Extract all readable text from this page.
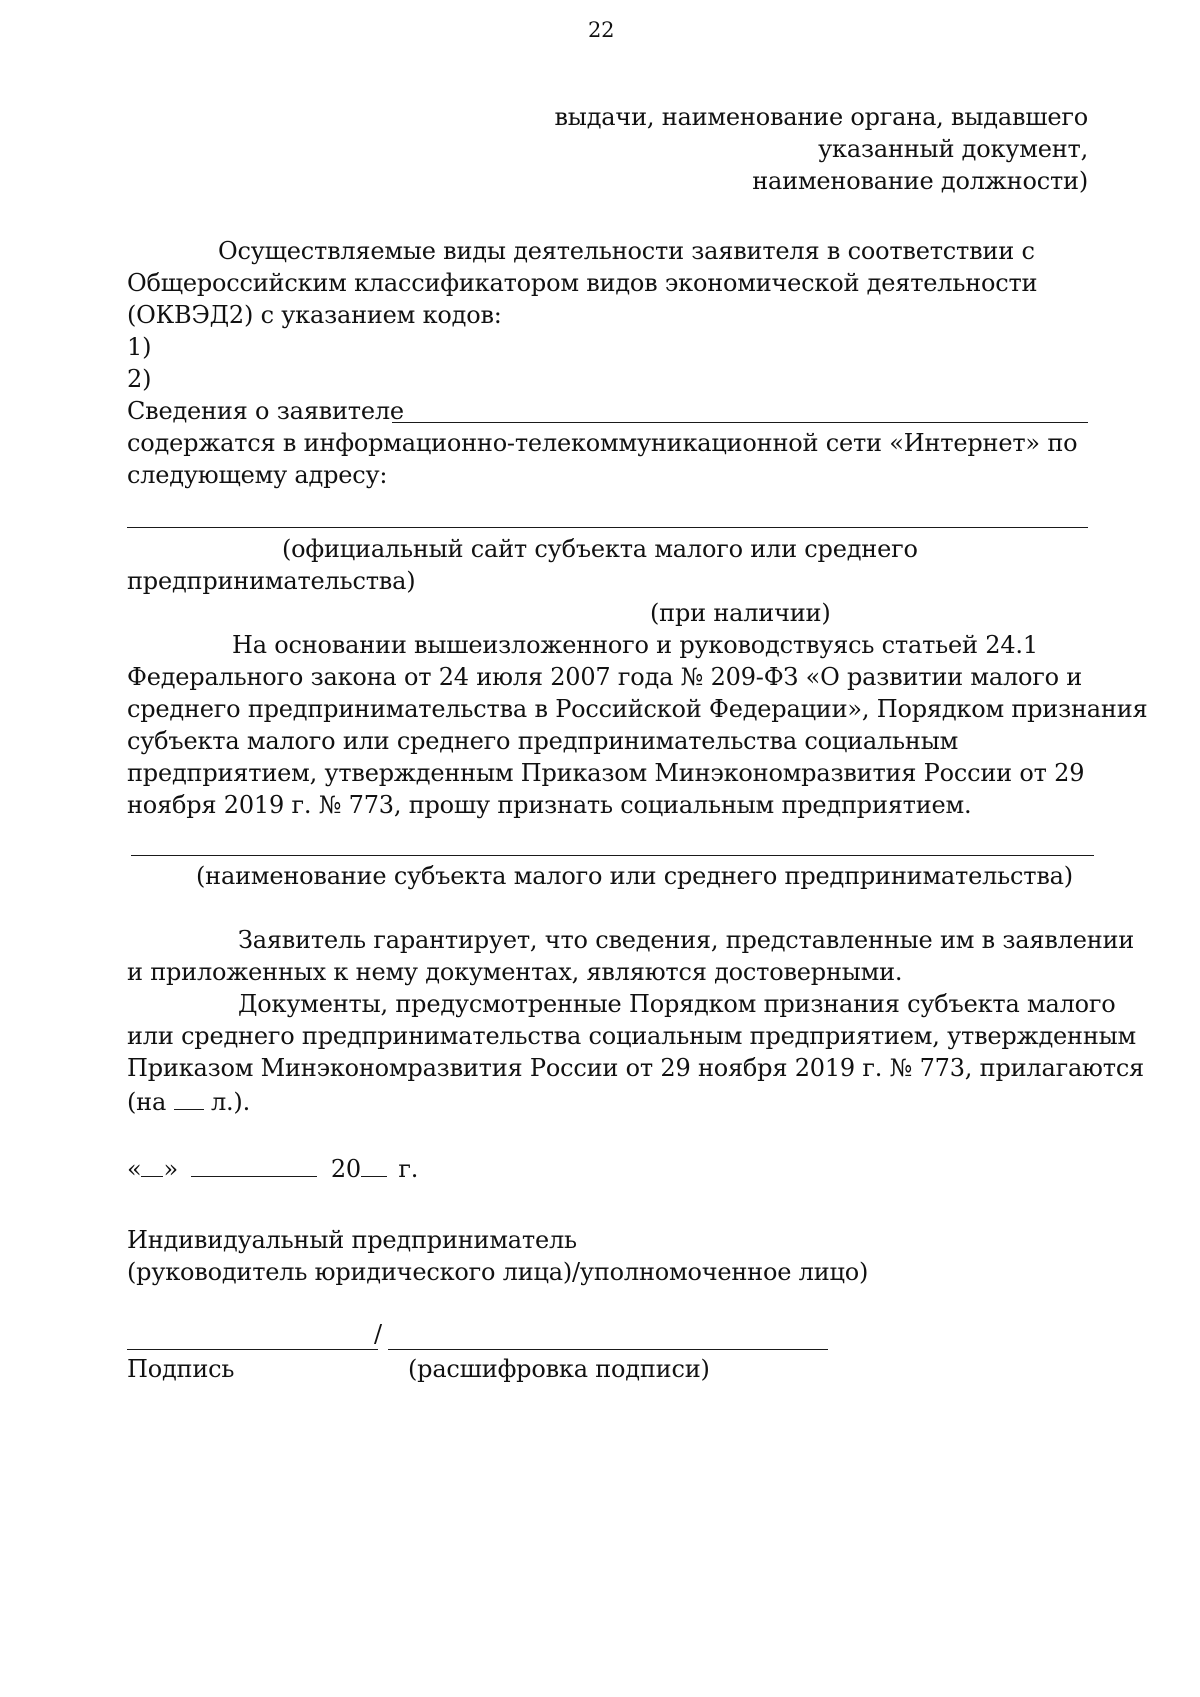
22
выдачи, наименование органа, выдавшего
указанный документ,
наименование должности)
Осуществляемые виды деятельности заявителя в соответствии с
Общероссийским классификатором видов экономической деятельности
(ОКВЭД2) с указанием кодов:
1)
2)
Сведения о заявителе
содержатся в информационно-телекоммуникационной сети «Интернет» по
следующему адресу:
(официальный сайт субъекта малого или среднего
предпринимательства)
(при наличии)
На основании вышеизложенного и руководствуясь статьей 24.1
Федерального закона от 24 июля 2007 года № 209-ФЗ «О развитии малого и
среднего предпринимательства в Российской Федерации», Порядком признания
субъекта малого или среднего предпринимательства социальным
предприятием, утвержденным Приказом Минэкономразвития России от 29
ноября 2019 г. № 773, прошу признать социальным предприятием.
(наименование субъекта малого или среднего предпринимательства)
Заявитель гарантирует, что сведения, представленные им в заявлении
и приложенных к нему документах, являются достоверными.
Документы, предусмотренные Порядком признания субъекта малого
или среднего предпринимательства социальным предприятием, утвержденным
Приказом Минэкономразвития России от 29 ноября 2019 г. № 773, прилагаются
(на л.).
« »	20 г.
Индивидуальный предприниматель
(руководитель юридического лица)/уполномоченное лицо)
/
Подпись	(расшифровка подписи)
